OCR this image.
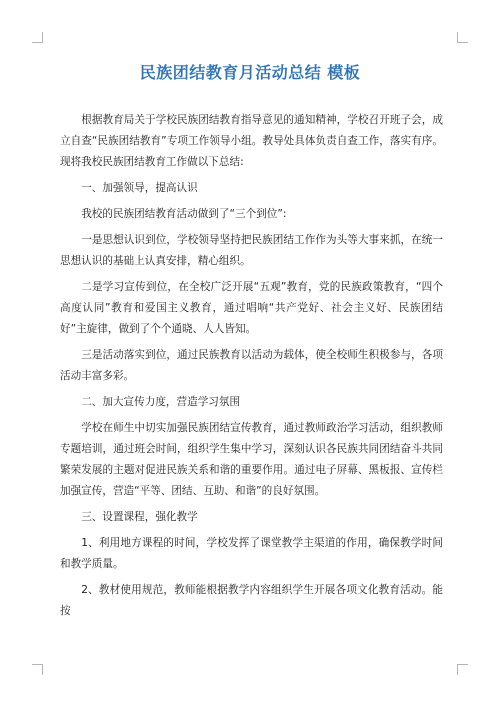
民族团结教育月活动总结 模板

根据教育局关于学校民族团结教育指导意见的通知精神，学校召开班子会，成立自查“民族团结教育”专项工作领导小组。教导处具体负责自查工作，落实有序。现将我校民族团结教育工作做以下总结:

一、加强领导，提高认识

我校的民族团结教育活动做到了“三个到位”:

一是思想认识到位，学校领导坚持把民族团结工作作为头等大事来抓，在统一思想认识的基础上认真安排，精心组织。

二是学习宣传到位，在全校广泛开展“五观”教育，党的民族政策教育，“四个高度认同”教育和爱国主义教育，通过唱响“共产党好、社会主义好、民族团结好”主旋律，做到了个个通晓、人人皆知。

三是活动落实到位，通过民族教育以活动为载体，使全校师生积极参与，各项活动丰富多彩。

二、加大宣传力度，营造学习氛围

学校在师生中切实加强民族团结宣传教育，通过教师政治学习活动，组织教师专题培训，通过班会时间，组织学生集中学习，深刻认识各民族共同团结奋斗共同繁荣发展的主题对促进民族关系和谐的重要作用。通过电子屏幕、黑板报、宣传栏加强宣传，营造“平等、团结、互助、和谐”的良好氛围。

三、设置课程，强化教学

1、利用地方课程的时间，学校发挥了课堂教学主渠道的作用，确保教学时间和教学质量。

2、教材使用规范，教师能根据教学内容组织学生开展各项文化教育活动。能按
